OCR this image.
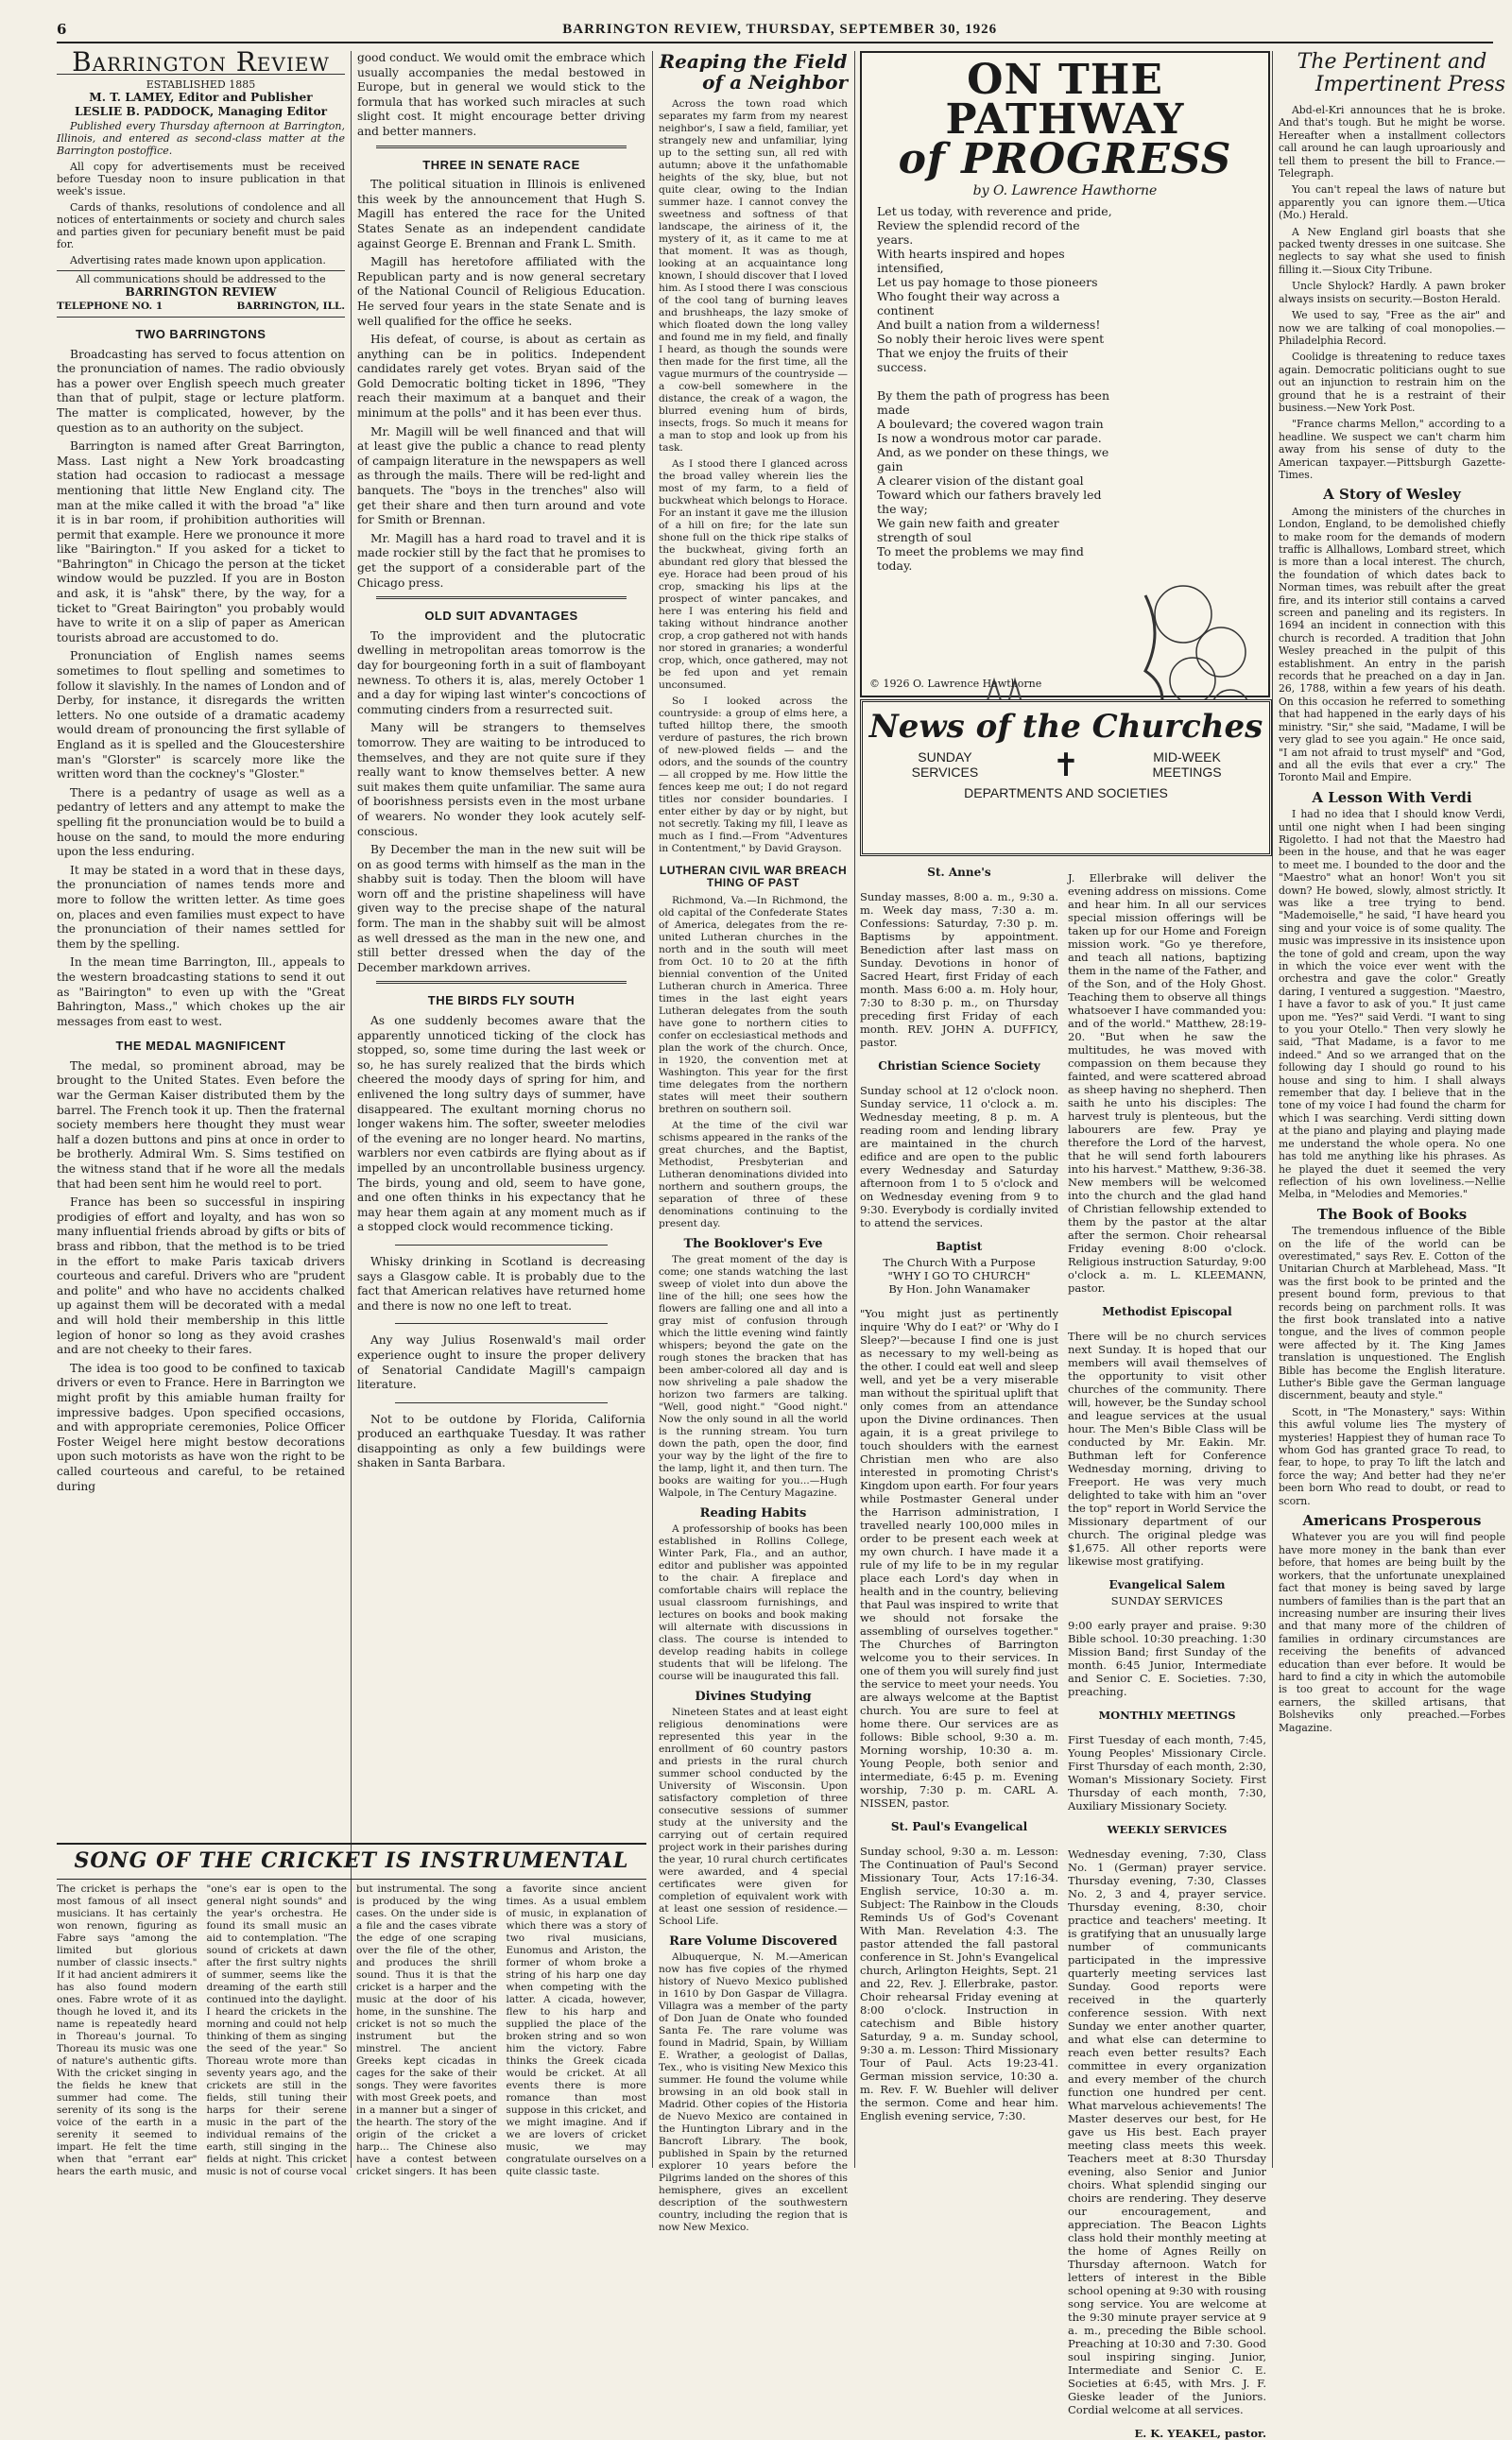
6	BARRINGTON REVIEW, THURSDAY, SEPTEMBER 30, 1926
Barrington Review
ESTABLISHED 1885
M. T. LAMEY, Editor and Publisher
LESLIE B. PADDOCK, Managing Editor

Published every Thursday afternoon at Barrington, Illinois, and entered as second-class matter at the Barrington postoffice.

All copy for advertisements must be received before Tuesday noon to insure publication in that week's issue.

Cards of thanks, resolutions of condolence and all notices of entertainments or society and church sales and parties given for pecuniary benefit must be paid for.

Advertising rates made known upon application.

All communications should be addressed to the
BARRINGTON REVIEW
TELEPHONE NO. 1	BARRINGTON, ILL.
TWO BARRINGTONS

Broadcasting has served to focus attention on the pronunciation of names. The radio obviously has a power over English speech much greater than that of pulpit, stage or lecture platform. The matter is complicated, however, by the question as to an authority on the subject.

Barrington is named after Great Barrington, Mass. Last night a New York broadcasting station had occasion to radiocast a message mentioning that little New England city. The man at the mike called it with the broad "a" like it is in bar room, if prohibition authorities will permit that example. Here we pronounce it more like "Bairington." If you asked for a ticket to "Bahrington" in Chicago the person at the ticket window would be puzzled. If you are in Boston and ask, it is "ahsk" there, by the way, for a ticket to "Great Bairington" you probably would have to write it on a slip of paper as American tourists abroad are accustomed to do.

Pronunciation of English names seems sometimes to flout spelling and sometimes to follow it slavishly. In the names of London and of Derby, for instance, it disregards the written letters. No one outside of a dramatic academy would dream of pronouncing the first syllable of England as it is spelled and the Gloucestershire man's "Glorster" is scarcely more like the written word than the cockney's "Gloster."

There is a pedantry of usage as well as a pedantry of letters and any attempt to make the spelling fit the pronunciation would be to build a house on the sand, to mould the more enduring upon the less enduring.

It may be stated in a word that in these days, the pronunciation of names tends more and more to follow the written letter. As time goes on, places and even families must expect to have the pronunciation of their names settled for them by the spelling.

In the mean time Barrington, Ill., appeals to the western broadcasting stations to send it out as "Bairington" to even up with the "Great Bahrington, Mass.," which chokes up the air messages from east to west.

THE MEDAL MAGNIFICENT

The medal, so prominent abroad, may be brought to the United States. Even before the war the German Kaiser distributed them by the barrel. The French took it up. Then the fraternal society members here thought they must wear half a dozen buttons and pins at once in order to be brotherly. Admiral Wm. S. Sims testified on the witness stand that if he wore all the medals that had been sent him he would reel to port.

France has been so successful in inspiring prodigies of effort and loyalty, and has won so many influential friends abroad by gifts or bits of brass and ribbon, that the method is to be tried in the effort to make Paris taxicab drivers courteous and careful. Drivers who are "prudent and polite" and who have no accidents chalked up against them will be decorated with a medal and will hold their membership in this little legion of honor so long as they avoid crashes and are not cheeky to their fares.

The idea is too good to be confined to taxicab drivers or even to France. Here in Barrington we might profit by this amiable human frailty for impressive badges. Upon specified occasions, and with appropriate ceremonies, Police Officer Foster Weigel here might bestow decorations upon such motorists as have won the right to be called courteous and careful, to be retained during

good conduct. We would omit the embrace which usually accompanies the medal bestowed in Europe, but in general we would stick to the formula that has worked such miracles at such slight cost. It might encourage better driving and better manners.

THREE IN SENATE RACE

The political situation in Illinois is enlivened this week by the announcement that Hugh S. Magill has entered the race for the United States Senate as an independent candidate against George E. Brennan and Frank L. Smith.

Magill has heretofore affiliated with the Republican party and is now general secretary of the National Council of Religious Education. He served four years in the state Senate and is well qualified for the office he seeks.

His defeat, of course, is about as certain as anything can be in politics. Independent candidates rarely get votes. Bryan said of the Gold Democratic bolting ticket in 1896, "They reach their maximum at a banquet and their minimum at the polls" and it has been ever thus.

Mr. Magill will be well financed and that will at least give the public a chance to read plenty of campaign literature in the newspapers as well as through the mails. There will be red-light and banquets. The "boys in the trenches" also will get their share and then turn around and vote for Smith or Brennan.

Mr. Magill has a hard road to travel and it is made rockier still by the fact that he promises to get the support of a considerable part of the Chicago press.

OLD SUIT ADVANTAGES

To the improvident and the plutocratic dwelling in metropolitan areas tomorrow is the day for bourgeoning forth in a suit of flamboyant newness. To others it is, alas, merely October 1 and a day for wiping last winter's concoctions of commuting cinders from a resurrected suit.

Many will be strangers to themselves tomorrow. They are waiting to be introduced to themselves, and they are not quite sure if they really want to know themselves better. A new suit makes them quite unfamiliar. The same aura of boorishness persists even in the most urbane of wearers. No wonder they look acutely self-conscious.

By December the man in the new suit will be on as good terms with himself as the man in the shabby suit is today. Then the bloom will have worn off and the pristine shapeliness will have given way to the precise shape of the natural form. The man in the shabby suit will be almost as well dressed as the man in the new one, and still better dressed when the day of the December markdown arrives.

THE BIRDS FLY SOUTH

As one suddenly becomes aware that the apparently unnoticed ticking of the clock has stopped, so, some time during the last week or so, he has surely realized that the birds which cheered the moody days of spring for him, and enlivened the long sultry days of summer, have disappeared. The exultant morning chorus no longer wakens him. The softer, sweeter melodies of the evening are no longer heard. No martins, warblers nor even catbirds are flying about as if impelled by an uncontrollable business urgency. The birds, young and old, seem to have gone, and one often thinks in his expectancy that he may hear them again at any moment much as if a stopped clock would recommence ticking.

Whisky drinking in Scotland is decreasing says a Glasgow cable. It is probably due to the fact that American relatives have returned home and there is now no one left to treat.

Any way Julius Rosenwald's mail order experience ought to insure the proper delivery of Senatorial Candidate Magill's campaign literature.

Not to be outdone by Florida, California produced an earthquake Tuesday. It was rather disappointing as only a few buildings were shaken in Santa Barbara.

SONG OF THE CRICKET IS INSTRUMENTAL
The cricket is perhaps the most famous of all insect musicians. It has certainly won renown, figuring as Fabre says "among the limited but glorious number of classic insects." If it had ancient admirers it has also found modern ones. Fabre wrote of it as though he loved it, and its name is repeatedly heard in Thoreau's journal. To Thoreau its music was one of nature's authentic gifts. With the cricket singing in the fields he knew that summer had come. The serenity of its song is the voice of the earth in a serenity it seemed to impart. He felt the time when that "errant ear" hears the earth music, and "one's ear is open to the general night sounds" and the year's orchestra. He found its small music an aid to contemplation. "The sound of crickets at dawn after the first sultry nights of summer, seems like the dreaming of the earth still continued into the daylight. I heard the crickets in the morning and could not help thinking of them as singing the seed of the year." So Thoreau wrote more than seventy years ago, and the crickets are still in the fields, still tuning their harps for their serene music in the part of the individual remains of the earth, still singing in the fields at night. This cricket music is not of course vocal but instrumental. The song is produced by the wing cases. On the under side is a file and the cases vibrate the edge of one scraping over the file of the other, and produces the shrill sound. Thus it is that the cricket is a harper and the music at the door of his home, in the sunshine. The cricket is not so much the instrument but the minstrel. The ancient Greeks kept cicadas in cages for the sake of their songs. They were favorites with most Greek poets, and in a manner but a singer of the hearth. The story of the origin of the cricket a harp... The Chinese also have a contest between cricket singers. It has been a favorite since ancient times. As a usual emblem of music, in explanation of which there was a story of two rival musicians, Eunomus and Ariston, the former of whom broke a string of his harp one day when competing with the latter. A cicada, however, flew to his harp and supplied the place of the broken string and so won him the victory. Fabre thinks the Greek cicada would be cricket. At all events there is more romance than most suppose in this cricket, and we might imagine. And if we are lovers of cricket music, we may congratulate ourselves on a quite classic taste.
Reaping the Field
of a Neighbor

Across the town road which separates my farm from my nearest neighbor's, I saw a field, familiar, yet strangely new and unfamiliar, lying up to the setting sun, all red with autumn; above it the unfathomable heights of the sky, blue, but not quite clear, owing to the Indian summer haze. I cannot convey the sweetness and softness of that landscape, the airiness of it, the mystery of it, as it came to me at that moment. It was as though, looking at an acquaintance long known, I should discover that I loved him. As I stood there I was conscious of the cool tang of burning leaves and brushheaps, the lazy smoke of which floated down the long valley and found me in my field, and finally I heard, as though the sounds were then made for the first time, all the vague murmurs of the countryside — a cow-bell somewhere in the distance, the creak of a wagon, the blurred evening hum of birds, insects, frogs. So much it means for a man to stop and look up from his task.

As I stood there I glanced across the broad valley wherein lies the most of my farm, to a field of buckwheat which belongs to Horace. For an instant it gave me the illusion of a hill on fire; for the late sun shone full on the thick ripe stalks of the buckwheat, giving forth an abundant red glory that blessed the eye. Horace had been proud of his crop, smacking his lips at the prospect of winter pancakes, and here I was entering his field and taking without hindrance another crop, a crop gathered not with hands nor stored in granaries; a wonderful crop, which, once gathered, may not be fed upon and yet remain unconsumed.

So I looked across the countryside: a group of elms here, a tufted hilltop there, the smooth verdure of pastures, the rich brown of new-plowed fields — and the odors, and the sounds of the country — all cropped by me. How little the fences keep me out; I do not regard titles nor consider boundaries. I enter either by day or by night, but not secretly. Taking my fill, I leave as much as I find.—From "Adventures in Contentment," by David Grayson.

LUTHERAN CIVIL WAR BREACH THING OF PAST

Richmond, Va.—In Richmond, the old capital of the Confederate States of America, delegates from the re-united Lutheran churches in the north and in the south will meet from Oct. 10 to 20 at the fifth biennial convention of the United Lutheran church in America. Three times in the last eight years Lutheran delegates from the south have gone to northern cities to confer on ecclesiastical methods and plan the work of the church. Once, in 1920, the convention met at Washington. This year for the first time delegates from the northern states will meet their southern brethren on southern soil.

At the time of the civil war schisms appeared in the ranks of the great churches, and the Baptist, Methodist, Presbyterian and Lutheran denominations divided into northern and southern groups, the separation of three of these denominations continuing to the present day.

The Booklover's Eve

The great moment of the day is come; one stands watching the last sweep of violet into dun above the line of the hill; one sees how the flowers are falling one and all into a gray mist of confusion through which the little evening wind faintly whispers; beyond the gate on the rough stones the bracken that has been amber-colored all day and is now shriveling a pale shadow the horizon two farmers are talking. "Well, good night." "Good night." Now the only sound in all the world is the running stream. You turn down the path, open the door, find your way by the light of the fire to the lamp, light it, and then turn. The books are waiting for you...—Hugh Walpole, in The Century Magazine.

Reading Habits

A professorship of books has been established in Rollins College, Winter Park, Fla., and an author, editor and publisher was appointed to the chair. A fireplace and comfortable chairs will replace the usual classroom furnishings, and lectures on books and book making will alternate with discussions in class. The course is intended to develop reading habits in college students that will be lifelong. The course will be inaugurated this fall.

Divines Studying

Nineteen States and at least eight religious denominations were represented this year in the enrollment of 60 country pastors and priests in the rural church summer school conducted by the University of Wisconsin. Upon satisfactory completion of three consecutive sessions of summer study at the university and the carrying out of certain required project work in their parishes during the year, 10 rural church certificates were awarded, and 4 special certificates were given for completion of equivalent work with at least one session of residence.—School Life.

Rare Volume Discovered

Albuquerque, N. M.—American now has five copies of the rhymed history of Nuevo Mexico published in 1610 by Don Gaspar de Villagra. Villagra was a member of the party of Don Juan de Onate who founded Santa Fe. The rare volume was found in Madrid, Spain, by William E. Wrather, a geologist of Dallas, Tex., who is visiting New Mexico this summer. He found the volume while browsing in an old book stall in Madrid. Other copies of the Historia de Nuevo Mexico are contained in the Huntington Library and in the Bancroft Library. The book, published in Spain by the returned explorer 10 years before the Pilgrims landed on the shores of this hemisphere, gives an excellent description of the southwestern country, including the region that is now New Mexico.

ON THE PATHWAY
of PROGRESS
by O. Lawrence Hawthorne
Let us today, with reverence and pride,
Review the splendid record of the years.
With hearts inspired and hopes intensified,
Let us pay homage to those pioneers
Who fought their way across a continent
And built a nation from a wilderness!
So nobly their heroic lives were spent
That we enjoy the fruits of their success.

By them the path of progress has been made
A boulevard; the covered wagon train
Is now a wondrous motor car parade.
And, as we ponder on these things, we gain
A clearer vision of the distant goal
Toward which our fathers bravely led the way;
We gain new faith and greater strength of soul
To meet the problems we may find today.
© 1926 O. Lawrence Hawthorne
News of the Churches
SUNDAY SERVICES	✝	MID-WEEK MEETINGS
DEPARTMENTS AND SOCIETIES
St. Anne's

Sunday masses, 8:00 a. m., 9:30 a. m. Week day mass, 7:30 a. m. Confessions: Saturday, 7:30 p. m. Baptisms by appointment. Benediction after last mass on Sunday. Devotions in honor of Sacred Heart, first Friday of each month. Mass 6:00 a. m. Holy hour, 7:30 to 8:30 p. m., on Thursday preceding first Friday of each month. REV. JOHN A. DUFFICY, pastor.

Christian Science Society

Sunday school at 12 o'clock noon. Sunday service, 11 o'clock a. m. Wednesday meeting, 8 p. m. A reading room and lending library are maintained in the church edifice and are open to the public every Wednesday and Saturday afternoon from 1 to 5 o'clock and on Wednesday evening from 9 to 9:30. Everybody is cordially invited to attend the services.

Baptist
The Church With a Purpose
"WHY I GO TO CHURCH"
By Hon. John Wanamaker

"You might just as pertinently inquire 'Why do I eat?' or 'Why do I Sleep?'—because I find one is just as necessary to my well-being as the other. I could eat well and sleep well, and yet be a very miserable man without the spiritual uplift that only comes from an attendance upon the Divine ordinances. Then again, it is a great privilege to touch shoulders with the earnest Christian men who are also interested in promoting Christ's Kingdom upon earth. For four years while Postmaster General under the Harrison administration, I travelled nearly 100,000 miles in order to be present each week at my own church. I have made it a rule of my life to be in my regular place each Lord's day when in health and in the country, believing that Paul was inspired to write that we should not forsake the assembling of ourselves together." The Churches of Barrington welcome you to their services. In one of them you will surely find just the service to meet your needs. You are always welcome at the Baptist church. You are sure to feel at home there. Our services are as follows: Bible school, 9:30 a. m. Morning worship, 10:30 a. m. Young People, both senior and intermediate, 6:45 p. m. Evening worship, 7:30 p. m. CARL A. NISSEN, pastor.

St. Paul's Evangelical

Sunday school, 9:30 a. m. Lesson: The Continuation of Paul's Second Missionary Tour, Acts 17:16-34. English service, 10:30 a. m. Subject: The Rainbow in the Clouds Reminds Us of God's Covenant With Man. Revelation 4:3. The pastor attended the fall pastoral conference in St. John's Evangelical church, Arlington Heights, Sept. 21 and 22, Rev. J. Ellerbrake, pastor. Choir rehearsal Friday evening at 8:00 o'clock. Instruction in catechism and Bible history Saturday, 9 a. m. Sunday school, 9:30 a. m. Lesson: Third Missionary Tour of Paul. Acts 19:23-41. German mission service, 10:30 a. m. Rev. F. W. Buehler will deliver the sermon. Come and hear him. English evening service, 7:30.

J. Ellerbrake will deliver the evening address on missions. Come and hear him. In all our services special mission offerings will be taken up for our Home and Foreign mission work. "Go ye therefore, and teach all nations, baptizing them in the name of the Father, and of the Son, and of the Holy Ghost. Teaching them to observe all things whatsoever I have commanded you: and of the world." Matthew, 28:19-20. "But when he saw the multitudes, he was moved with compassion on them because they fainted, and were scattered abroad as sheep having no shepherd. Then saith he unto his disciples: The harvest truly is plenteous, but the labourers are few. Pray ye therefore the Lord of the harvest, that he will send forth labourers into his harvest." Matthew, 9:36-38. New members will be welcomed into the church and the glad hand of Christian fellowship extended to them by the pastor at the altar after the sermon. Choir rehearsal Friday evening 8:00 o'clock. Religious instruction Saturday, 9:00 o'clock a. m. L. KLEEMANN, pastor.

Methodist Episcopal

There will be no church services next Sunday. It is hoped that our members will avail themselves of the opportunity to visit other churches of the community. There will, however, be the Sunday school and league services at the usual hour. The Men's Bible Class will be conducted by Mr. Eakin. Mr. Buthman left for Conference Wednesday morning, driving to Freeport. He was very much delighted to take with him an "over the top" report in World Service the Missionary department of our church. The original pledge was $1,675. All other reports were likewise most gratifying.

Evangelical Salem
SUNDAY SERVICES

9:00 early prayer and praise. 9:30 Bible school. 10:30 preaching. 1:30 Mission Band; first Sunday of the month. 6:45 Junior, Intermediate and Senior C. E. Societies. 7:30, preaching.

MONTHLY MEETINGS

First Tuesday of each month, 7:45, Young Peoples' Missionary Circle. First Thursday of each month, 2:30, Woman's Missionary Society. First Thursday of each month, 7:30, Auxiliary Missionary Society.

WEEKLY SERVICES

Wednesday evening, 7:30, Class No. 1 (German) prayer service. Thursday evening, 7:30, Classes No. 2, 3 and 4, prayer service. Thursday evening, 8:30, choir practice and teachers' meeting. It is gratifying that an unusually large number of communicants participated in the impressive quarterly meeting services last Sunday. Good reports were received in the quarterly conference session. With next Sunday we enter another quarter, and what else can determine to reach even better results? Each committee in every organization and every member of the church function one hundred per cent. What marvelous achievements! The Master deserves our best, for He gave us His best. Each prayer meeting class meets this week. Teachers meet at 8:30 Thursday evening, also Senior and Junior choirs. What splendid singing our choirs are rendering. They deserve our encouragement, and appreciation. The Beacon Lights class hold their monthly meeting at the home of Agnes Reilly on Thursday afternoon. Watch for letters of interest in the Bible school opening at 9:30 with rousing song service. You are welcome at the 9:30 minute prayer service at 9 a. m., preceding the Bible school. Preaching at 10:30 and 7:30. Good soul inspiring singing. Junior, Intermediate and Senior C. E. Societies at 6:45, with Mrs. J. F. Gieske leader of the Juniors. Cordial welcome at all services.

E. K. YEAKEL, pastor.
The Pertinent and
Impertinent Press

Abd-el-Kri announces that he is broke. And that's tough. But he might be worse. Hereafter when a installment collectors call around he can laugh uproariously and tell them to present the bill to France.—Telegraph.

You can't repeal the laws of nature but apparently you can ignore them.—Utica (Mo.) Herald.

A New England girl boasts that she packed twenty dresses in one suitcase. She neglects to say what she used to finish filling it.—Sioux City Tribune.

Uncle Shylock? Hardly. A pawn broker always insists on security.—Boston Herald.

We used to say, "Free as the air" and now we are talking of coal monopolies.—Philadelphia Record.

Coolidge is threatening to reduce taxes again. Democratic politicians ought to sue out an injunction to restrain him on the ground that he is a restraint of their business.—New York Post.

"France charms Mellon," according to a headline. We suspect we can't charm him away from his sense of duty to the American taxpayer.—Pittsburgh Gazette-Times.

A Story of Wesley

Among the ministers of the churches in London, England, to be demolished chiefly to make room for the demands of modern traffic is Allhallows, Lombard street, which is more than a local interest. The church, the foundation of which dates back to Norman times, was rebuilt after the great fire, and its interior still contains a carved screen and paneling and its registers. In 1694 an incident in connection with this church is recorded. A tradition that John Wesley preached in the pulpit of this establishment. An entry in the parish records that he preached on a day in Jan. 26, 1788, within a few years of his death. On this occasion he referred to something that had happened in the early days of his ministry. "Sir," she said, "Madame, I will be very glad to see you again." He once said, "I am not afraid to trust myself" and "God, and all the evils that ever a cry." The Toronto Mail and Empire.

A Lesson With Verdi

I had no idea that I should know Verdi, until one night when I had been singing Rigoletto. I had not that the Maestro had been in the house, and that he was eager to meet me. I bounded to the door and the "Maestro" what an honor! Won't you sit down? He bowed, slowly, almost strictly. It was like a tree trying to bend. "Mademoiselle," he said, "I have heard you sing and your voice is of some quality. The music was impressive in its insistence upon the tone of gold and cream, upon the way in which the voice ever went with the orchestra and gave the color." Greatly daring, I ventured a suggestion. "Maestro, I have a favor to ask of you." It just came upon me. "Yes?" said Verdi. "I want to sing to you your Otello." Then very slowly he said, "That Madame, is a favor to me indeed." And so we arranged that on the following day I should go round to his house and sing to him. I shall always remember that day. I believe that in the tone of my voice I had found the charm for which I was searching. Verdi sitting down at the piano and playing and playing made me understand the whole opera. No one has told me anything like his phrases. As he played the duet it seemed the very reflection of his own loveliness.—Nellie Melba, in "Melodies and Memories."

The Book of Books

The tremendous influence of the Bible on the life of the world can be overestimated," says Rev. E. Cotton of the Unitarian Church at Marblehead, Mass. "It was the first book to be printed and the present bound form, previous to that records being on parchment rolls. It was the first book translated into a native tongue, and the lives of common people were affected by it. The King James translation is unquestioned. The English Bible has become the English literature. Luther's Bible gave the German language discernment, beauty and style."

Scott, in "The Monastery," says: Within this awful volume lies The mystery of mysteries! Happiest they of human race To whom God has granted grace To read, to fear, to hope, to pray To lift the latch and force the way; And better had they ne'er been born Who read to doubt, or read to scorn.

Americans Prosperous

Whatever you are you will find people have more money in the bank than ever before, that homes are being built by the workers, that the unfortunate unexplained fact that money is being saved by large numbers of families than is the part that an increasing number are insuring their lives and that many more of the children of families in ordinary circumstances are receiving the benefits of advanced education than ever before. It would be hard to find a city in which the automobile is too great to account for the wage earners, the skilled artisans, that Bolsheviks only preached.—Forbes Magazine.
